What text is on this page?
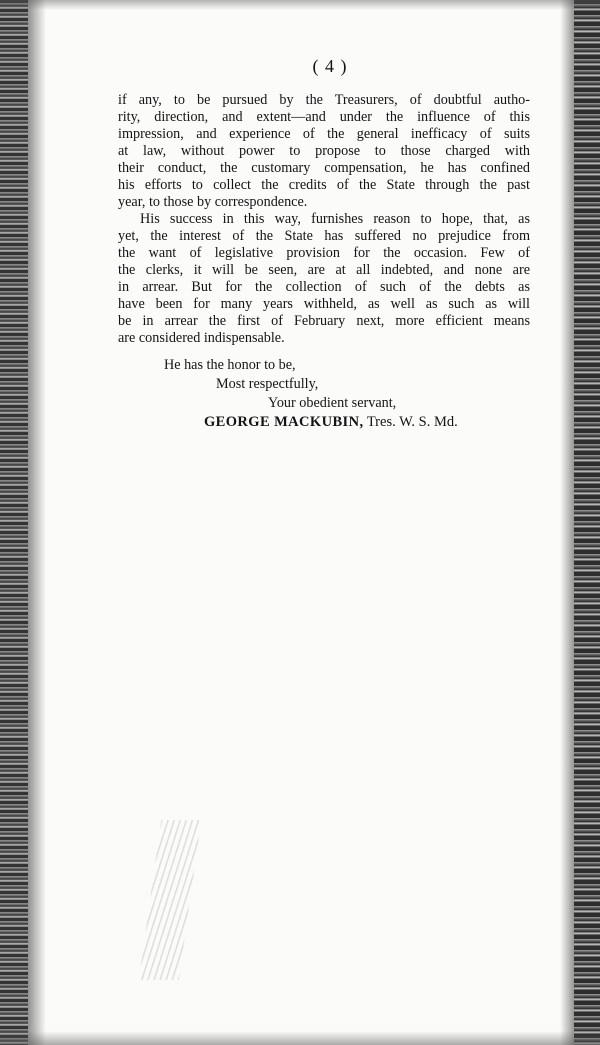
( 4 )
if any, to be pursued by the Treasurers, of doubtful autho-
rity, direction, and extent—and under the influence of this
impression, and experience of the general inefficacy of suits
at law, without power to propose to those charged with
their conduct, the customary compensation, he has confined
his efforts to collect the credits of the State through the past
year, to those by correspondence.
His success in this way, furnishes reason to hope, that, as
yet, the interest of the State has suffered no prejudice from
the want of legislative provision for the occasion. Few of
the clerks, it will be seen, are at all indebted, and none are
in arrear. But for the collection of such of the debts as
have been for many years withheld, as well as such as will
be in arrear the first of February next, more efficient means
are considered indispensable.
He has the honor to be,
Most respectfully,
Your obedient servant,
GEORGE MACKUBIN, Tres. W. S. Md.
